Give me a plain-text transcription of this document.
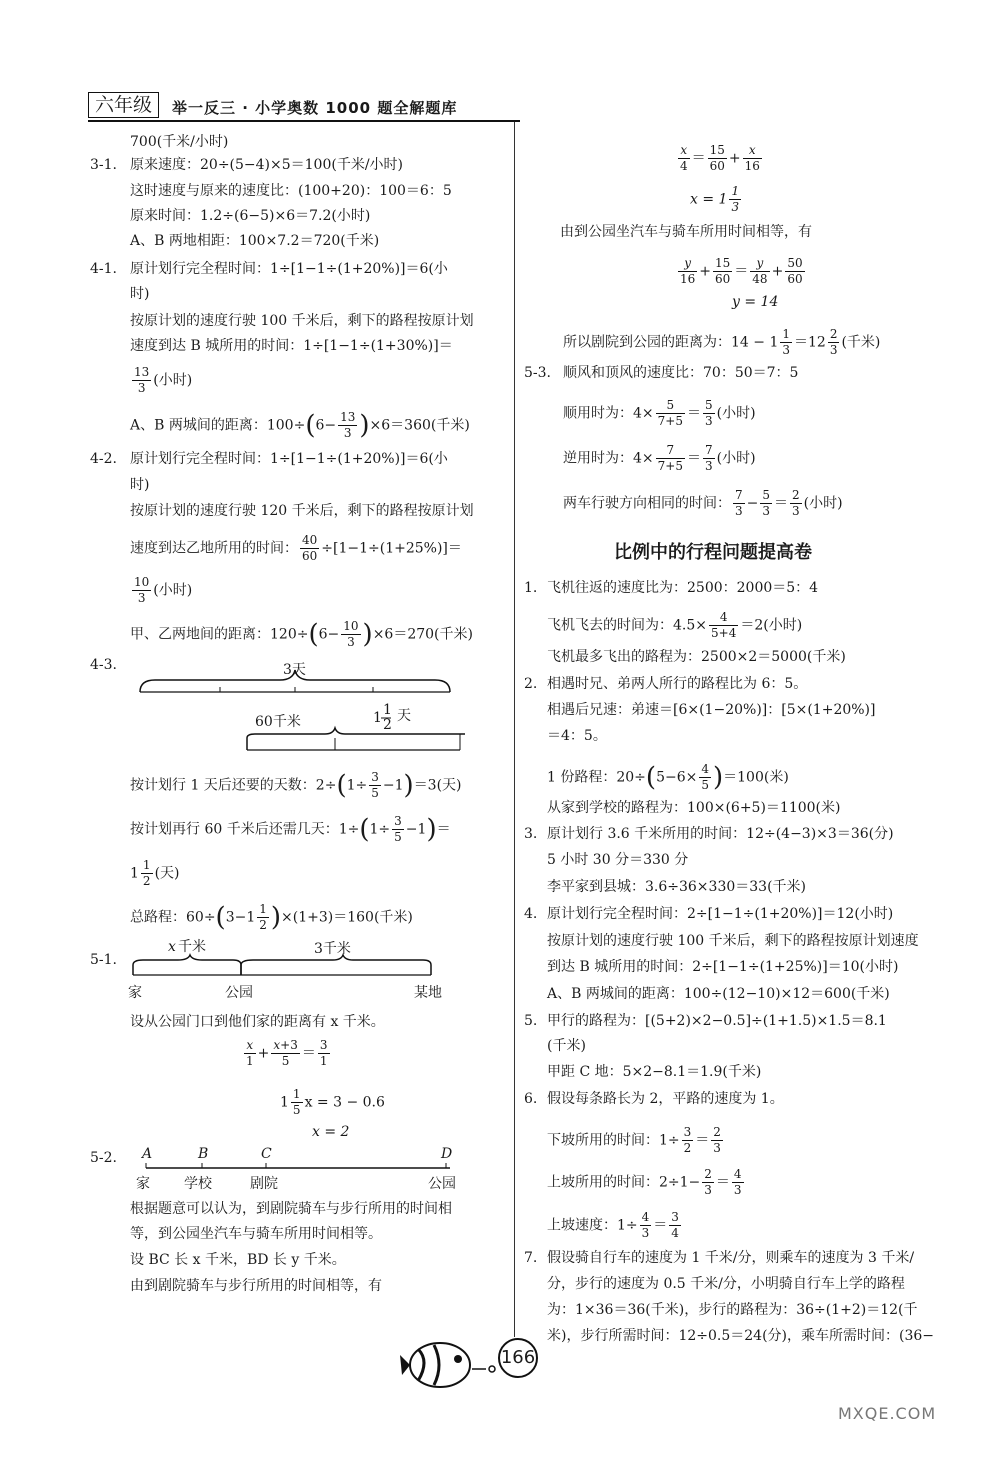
六年级	举一反三 · 小学奥数 1000 题全解题库
700(千米/小时)
3-1. 原来速度：20÷(5−4)×5＝100(千米/小时)
这时速度与原来的速度比：(100+20)：100＝6：5
原来时间：1.2÷(6−5)×6＝7.2(小时)
A、B 两地相距：100×7.2＝720(千米)
4-1. 原计划行完全程时间：1÷[1−1÷(1+20%)]＝6(小
时)
按原计划的速度行驶 100 千米后，剩下的路程按原计划
速度到达 B 城所用的时间：1÷[1−1÷(1+30%)]＝
$\frac{13}{3}$ (小时)
A、B 两城间的距离：$100\div(6- \frac{13}{3} )\times 6=360$(千米)
4-2. 原计划行完全程时间：1÷[1−1÷(1+20%)]＝6(小
时)
按原计划的速度行驶 120 千米后，剩下的路程按原计划
速度到达乙地所用的时间： $\frac{40}{60} \div[1-1\div(1+25\%)]=$
$\frac{10}{3}$ (小时)
甲、乙两地间的距离：$120\div(6- \frac{10}{3} )\times 6=270$(千米)
4-3.	3天
60千米	1 1
2
天
按计划行 1 天后还要的天数：$2\div(1\div \frac{3}{5} -1)=3$(天)
按计划再行 60 千米后还需几天：$1\div(1\div \frac{3}{5} -1)=$
$1 \frac{1}{2}$ (天)
总路程：$60\div(3-1 \frac{1}{2} )\times(1+3)=160$(千米)
5-1.
x 千米	3千米
家	公园	某地
设从公园门口到他们家的距离有 x 千米。
$\frac{x}{1} + \frac{x+3}{5} = \frac{3}{1}$
$1 \frac{1}{5}$ x = 3 − 0.6
x = 2
5-2. A	B	C	D
家 学校	剧院	公园
根据题意可以认为，到剧院骑车与步行所用的时间相
等，到公园坐汽车与骑车所用时间相等。
设 BC 长 x 千米，BD 长 y 千米。
由到剧院骑车与步行所用的时间相等，有
$\frac{x}{4} = \frac{15}{60} + \frac{x}{16}$
$x = 1 \frac{1}{3}$
由到公园坐汽车与骑车所用时间相等，有
$\frac{y}{16} + \frac{15}{60} = \frac{y}{48} + \frac{50}{60}$
y = 14
所以剧院到公园的距离为：$14 - 1 \frac{1}{3} =12 \frac{2}{3}$ (千米)
5-3. 顺风和顶风的速度比：70：50＝7：5
顺用时为：$4\times \frac{5}{7+5} = \frac{5}{3}$ (小时)
逆用时为：$4\times \frac{7}{7+5} = \frac{7}{3}$ (小时)
两车行驶方向相同的时间： $\frac{7}{3} - \frac{5}{3} = \frac{2}{3}$ (小时)
比例中的行程问题提高卷
1. 飞机往返的速度比为：2500：2000＝5：4
飞机飞去的时间为：$4.5\times \frac{4}{5+4} =2$(小时)
飞机最多飞出的路程为：2500×2＝5000(千米)
2. 相遇时兄、弟两人所行的路程比为 6：5。
相遇后兄速：弟速＝[6×(1−20%)]：[5×(1+20%)]
＝4：5。
1 份路程：$20\div(5-6\times \frac{4}{5} )=100$(米)
从家到学校的路程为：100×(6+5)＝1100(米)
3. 原计划行 3.6 千米所用的时间：12÷(4−3)×3＝36(分)
5 小时 30 分＝330 分
李平家到县城：3.6÷36×330＝33(千米)
4. 原计划行完全程时间：2÷[1−1÷(1+20%)]＝12(小时)
按原计划的速度行驶 100 千米后，剩下的路程按原计划速度
到达 B 城所用的时间：2÷[1−1÷(1+25%)]＝10(小时)
A、B 两城间的距离：100÷(12−10)×12＝600(千米)
5. 甲行的路程为：[(5+2)×2−0.5]÷(1+1.5)×1.5＝8.1
(千米)
甲距 C 地：5×2−8.1＝1.9(千米)
6. 假设每条路长为 2，平路的速度为 1。
下坡所用的时间：$1\div \frac{3}{2} = \frac{2}{3}$
上坡所用的时间：$2\div 1- \frac{2}{3} = \frac{4}{3}$
上坡速度：$1\div \frac{4}{3} = \frac{3}{4}$
7. 假设骑自行车的速度为 1 千米/分，则乘车的速度为 3 千米/
分，步行的速度为 0.5 千米/分，小明骑自行车上学的路程
为：1×36＝36(千米)，步行的路程为：36÷(1+2)＝12(千
米)，步行所需时间：12÷0.5＝24(分)，乘车所需时间：(36−
166
MXQE.COM
